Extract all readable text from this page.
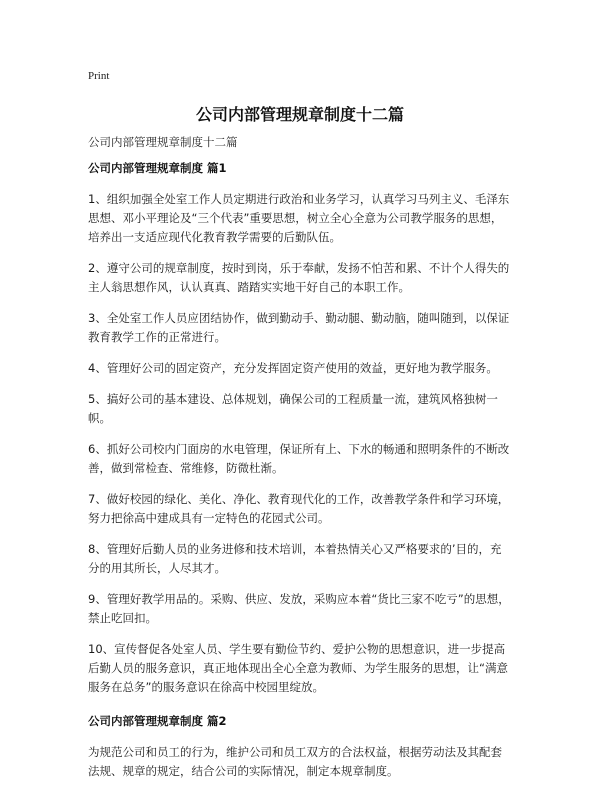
Print
公司内部管理规章制度十二篇
公司内部管理规章制度十二篇
公司内部管理规章制度 篇1

1、组织加强全处室工作人员定期进行政治和业务学习，认真学习马列主义、毛泽东思想、邓小平理论及“三个代表”重要思想，树立全心全意为公司教学服务的思想，培养出一支适应现代化教育教学需要的后勤队伍。

2、遵守公司的规章制度，按时到岗，乐于奉献，发扬不怕苦和累、不计个人得失的主人翁思想作风，认认真真、踏踏实实地干好自己的本职工作。

3、全处室工作人员应团结协作，做到勤动手、勤动腿、勤动脑，随叫随到，以保证教育教学工作的正常进行。

4、管理好公司的固定资产，充分发挥固定资产使用的效益，更好地为教学服务。

5、搞好公司的基本建设、总体规划，确保公司的工程质量一流，建筑风格独树一帜。

6、抓好公司校内门面房的水电管理，保证所有上、下水的畅通和照明条件的不断改善，做到常检查、常维修，防微杜渐。

7、做好校园的绿化、美化、净化、教育现代化的工作，改善教学条件和学习环境，努力把徐高中建成具有一定特色的花园式公司。

8、管理好后勤人员的业务进修和技术培训，本着热情关心又严格要求的’目的，充分的用其所长，人尽其才。

9、管理好教学用品的。采购、供应、发放，采购应本着“货比三家不吃亏”的思想，禁止吃回扣。

10、宣传督促各处室人员、学生要有勤俭节约、爱护公物的思想意识，进一步提高后勤人员的服务意识，真正地体现出全心全意为教师、为学生服务的思想，让“满意服务在总务”的服务意识在徐高中校园里绽放。

公司内部管理规章制度 篇2

为规范公司和员工的行为，维护公司和员工双方的合法权益，根据劳动法及其配套法规、规章的规定，结合公司的实际情况，制定本规章制度。
